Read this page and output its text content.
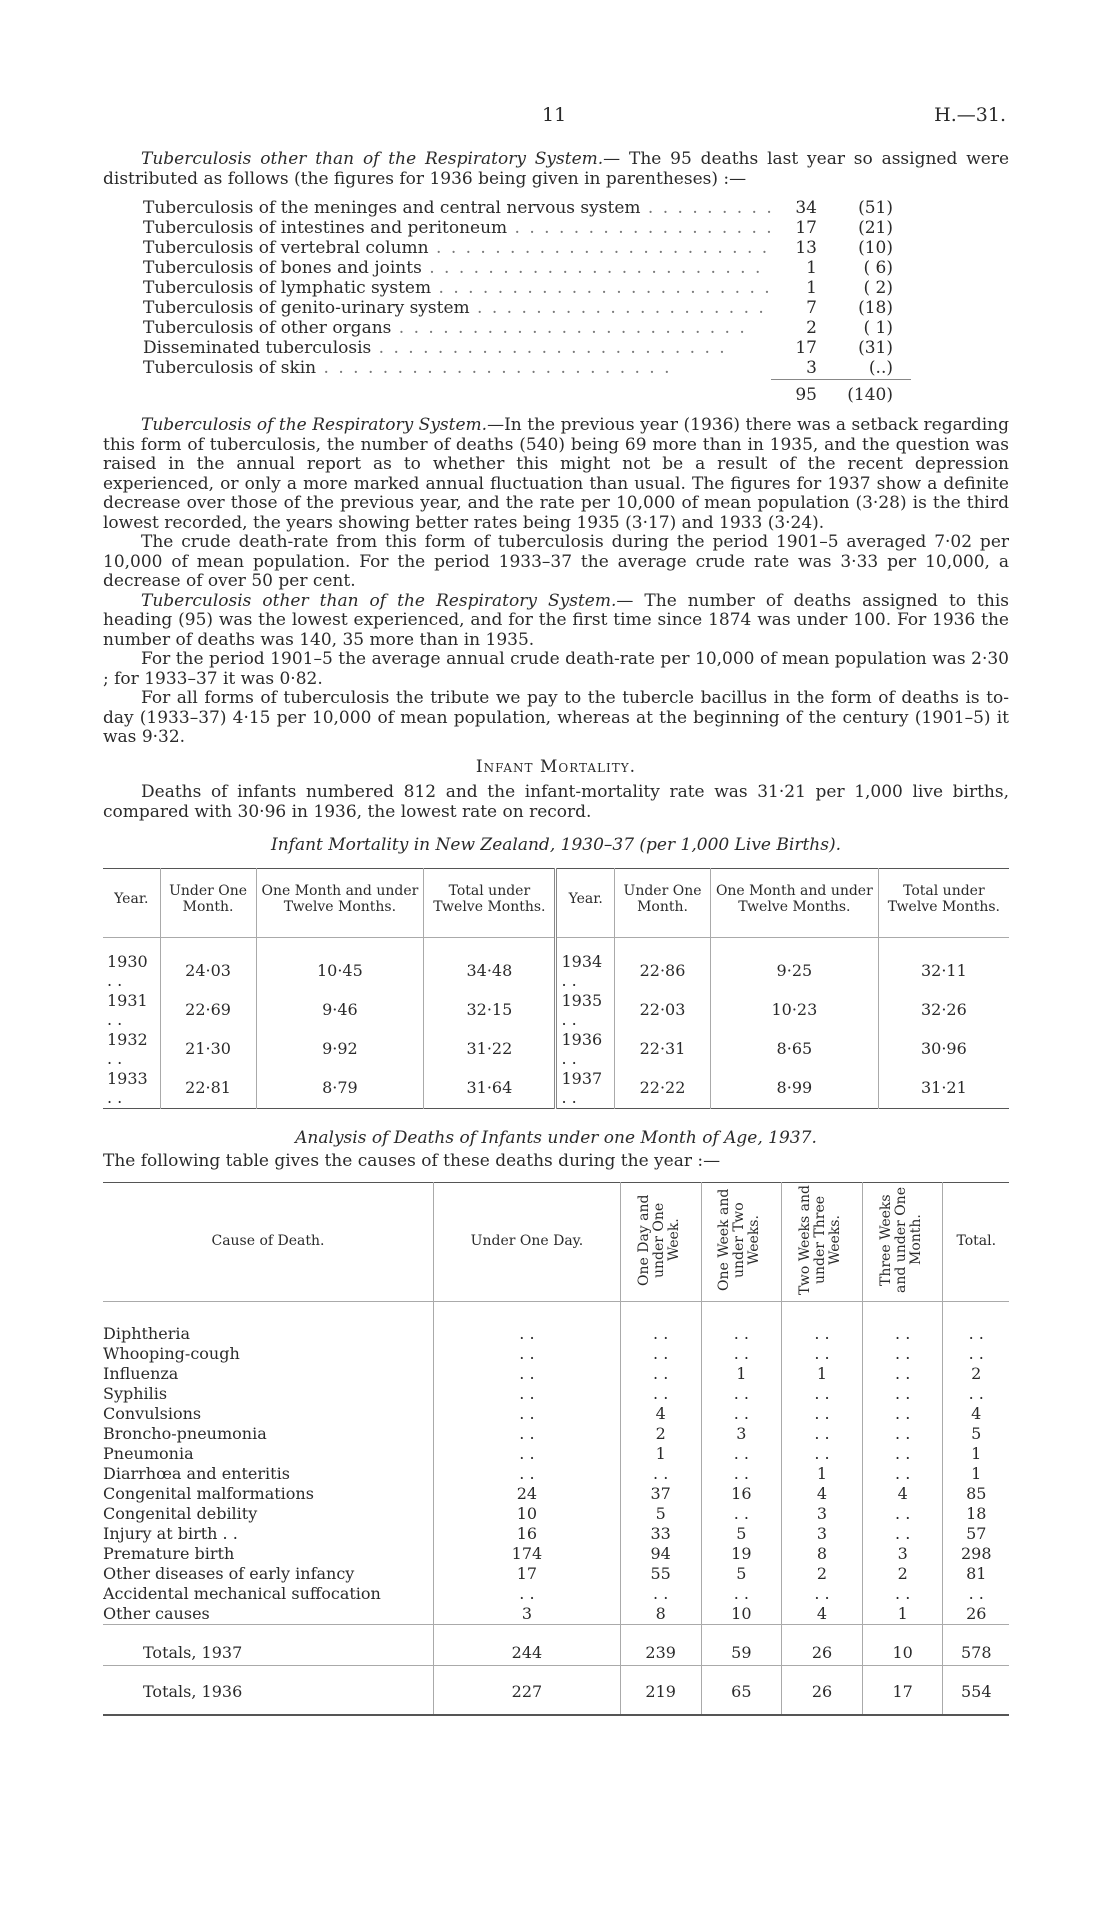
11	H.—31.

Tuberculosis other than of the Respiratory System.— The 95 deaths last year so assigned were distributed as follows (the figures for 1936 being given in parentheses) :—

Tuberculosis of the meninges and central nervous system . .	34	(51)
Tuberculosis of intestines and peritoneum . .	17	(21)
Tuberculosis of vertebral column . .	13	(10)
Tuberculosis of bones and joints . .	1	( 6)
Tuberculosis of lymphatic system . .	1	( 2)
Tuberculosis of genito-urinary system . .	7	(18)
Tuberculosis of other organs . .	2	( 1)
Disseminated tuberculosis . .	17	(31)
Tuberculosis of skin . .	3	(..)
95	(140)

Tuberculosis of the Respiratory System.—In the previous year (1936) there was a setback regarding this form of tuberculosis, the number of deaths (540) being 69 more than in 1935, and the question was raised in the annual report as to whether this might not be a result of the recent depression experienced, or only a more marked annual fluctuation than usual. The figures for 1937 show a definite decrease over those of the previous year, and the rate per 10,000 of mean population (3·28) is the third lowest recorded, the years showing better rates being 1935 (3·17) and 1933 (3·24).

The crude death-rate from this form of tuberculosis during the period 1901–5 averaged 7·02 per 10,000 of mean population. For the period 1933–37 the average crude rate was 3·33 per 10,000, a decrease of over 50 per cent.

Tuberculosis other than of the Respiratory System.— The number of deaths assigned to this heading (95) was the lowest experienced, and for the first time since 1874 was under 100. For 1936 the number of deaths was 140, 35 more than in 1935.

For the period 1901–5 the average annual crude death-rate per 10,000 of mean population was 2·30 ; for 1933–37 it was 0·82.

For all forms of tuberculosis the tribute we pay to the tubercle bacillus in the form of deaths is to-day (1933–37) 4·15 per 10,000 of mean population, whereas at the beginning of the century (1901–5) it was 9·32.

Infant Mortality.

Deaths of infants numbered 812 and the infant-mortality rate was 31·21 per 1,000 live births, compared with 30·96 in 1936, the lowest rate on record.

Infant Mortality in New Zealand, 1930–37 (per 1,000 Live Births).
Year.	Under One Month.	One Month and under Twelve Months.	Total under Twelve Months.	Year.	Under One Month.	One Month and under Twelve Months.	Total under Twelve Months.
1930 . .	24·03	10·45	34·48	1934 . .	22·86	9·25	32·11
1931 . .	22·69	9·46	32·15	1935 . .	22·03	10·23	32·26
1932 . .	21·30	9·92	31·22	1936 . .	22·31	8·65	30·96
1933 . .	22·81	8·79	31·64	1937 . .	22·22	8·99	31·21
Analysis of Deaths of Infants under one Month of Age, 1937.

The following table gives the causes of these deaths during the year :—

Cause of Death.	Under One Day.	One Day and under One Week.	One Week and under Two Weeks.	Two Weeks and under Three Weeks.	Three Weeks and under One Month.	Total.
Diphtheria	. .	. .	. .	. .	. .	. .
Whooping-cough	. .	. .	. .	. .	. .	. .
Influenza	. .	. .	1	1	. .	2
Syphilis	. .	. .	. .	. .	. .	. .
Convulsions	. .	4	. .	. .	. .	4
Broncho-pneumonia	. .	2	3	. .	. .	5
Pneumonia	. .	1	. .	. .	. .	1
Diarrhœa and enteritis	. .	. .	. .	1	. .	1
Congenital malformations	24	37	16	4	4	85
Congenital debility	10	5	. .	3	. .	18
Injury at birth . .	16	33	5	3	. .	57
Premature birth	174	94	19	8	3	298
Other diseases of early infancy	17	55	5	2	2	81
Accidental mechanical suffocation	. .	. .	. .	. .	. .	. .
Other causes	3	8	10	4	1	26
Totals, 1937	244	239	59	26	10	578
Totals, 1936	227	219	65	26	17	554
